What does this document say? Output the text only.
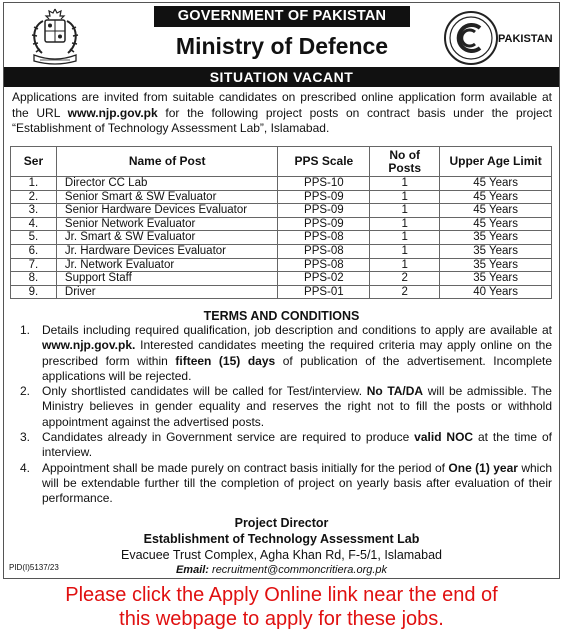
GOVERNMENT OF PAKISTAN
Ministry of Defence	PAKISTAN
SITUATION VACANT

Applications are invited from suitable candidates on prescribed online application form available at the URL www.njp.gov.pk for the following project posts on contract basis under the project “Establishment of Technology Assessment Lab”, Islamabad.

Ser	Name of Post	PPS Scale	No of Posts	Upper Age Limit
1.	Director CC Lab	PPS-10	1	45 Years
2.	Senior Smart & SW Evaluator	PPS-09	1	45 Years
3.	Senior Hardware Devices Evaluator	PPS-09	1	45 Years
4.	Senior Network Evaluator	PPS-09	1	45 Years
5.	Jr. Smart & SW Evaluator	PPS-08	1	35 Years
6.	Jr. Hardware Devices Evaluator	PPS-08	1	35 Years
7.	Jr. Network Evaluator	PPS-08	1	35 Years
8.	Support Staff	PPS-02	2	35 Years
9.	Driver	PPS-01	2	40 Years
TERMS AND CONDITIONS
1. Details including required qualification, job description and conditions to apply are available at www.njp.gov.pk. Interested candidates meeting the required criteria may apply online on the prescribed form within fifteen (15) days of publication of the advertisement. Incomplete applications will be rejected.
2. Only shortlisted candidates will be called for Test/interview. No TA/DA will be admissible. The Ministry believes in gender equality and reserves the right not to fill the posts or withhold appointment against the advertised posts.
3. Candidates already in Government service are required to produce valid NOC at the time of interview.
4. Appointment shall be made purely on contract basis initially for the period of One (1) year which will be extendable further till the completion of project on yearly basis after evaluation of their performance.
Project Director
Establishment of Technology Assessment Lab
Evacuee Trust Complex, Agha Khan Rd, F-5/1, Islamabad
Email: recruitment@commoncritiera.org.pk
PID(I)5137/23
Please click the Apply Online link near the end of
this webpage to apply for these jobs.
